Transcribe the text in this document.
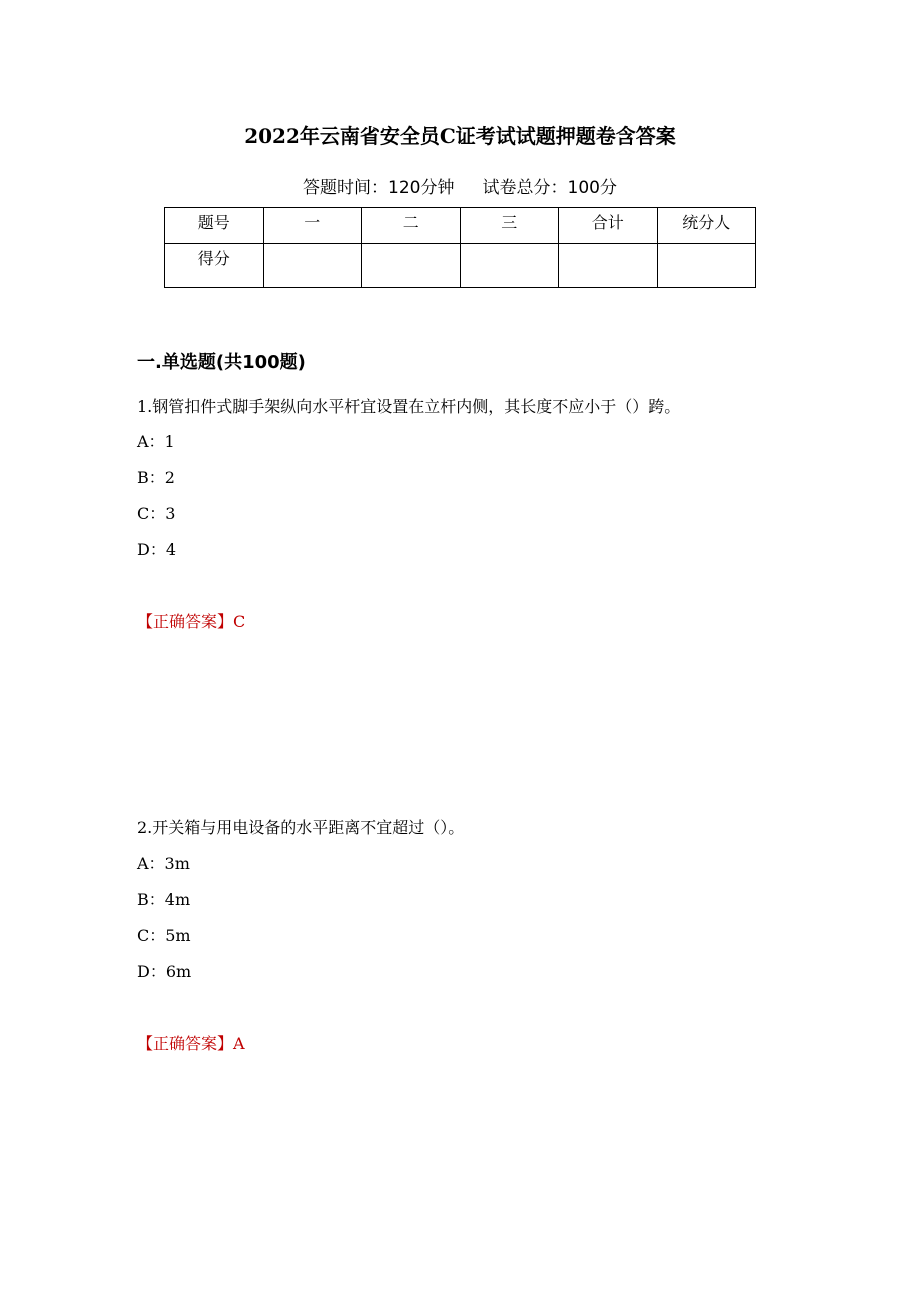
2022年云南省安全员C证考试试题押题卷含答案
答题时间：120分钟 试卷总分：100分
题号	一	二	三	合计	统分人
得分					
一.单选题(共100题)
1.钢管扣件式脚手架纵向水平杆宜设置在立杆内侧，其长度不应小于（）跨。
A：1
B：2
C：3
D：4
【正确答案】C
2.开关箱与用电设备的水平距离不宜超过（）。
A：3m
B：4m
C：5m
D：6m
【正确答案】A
